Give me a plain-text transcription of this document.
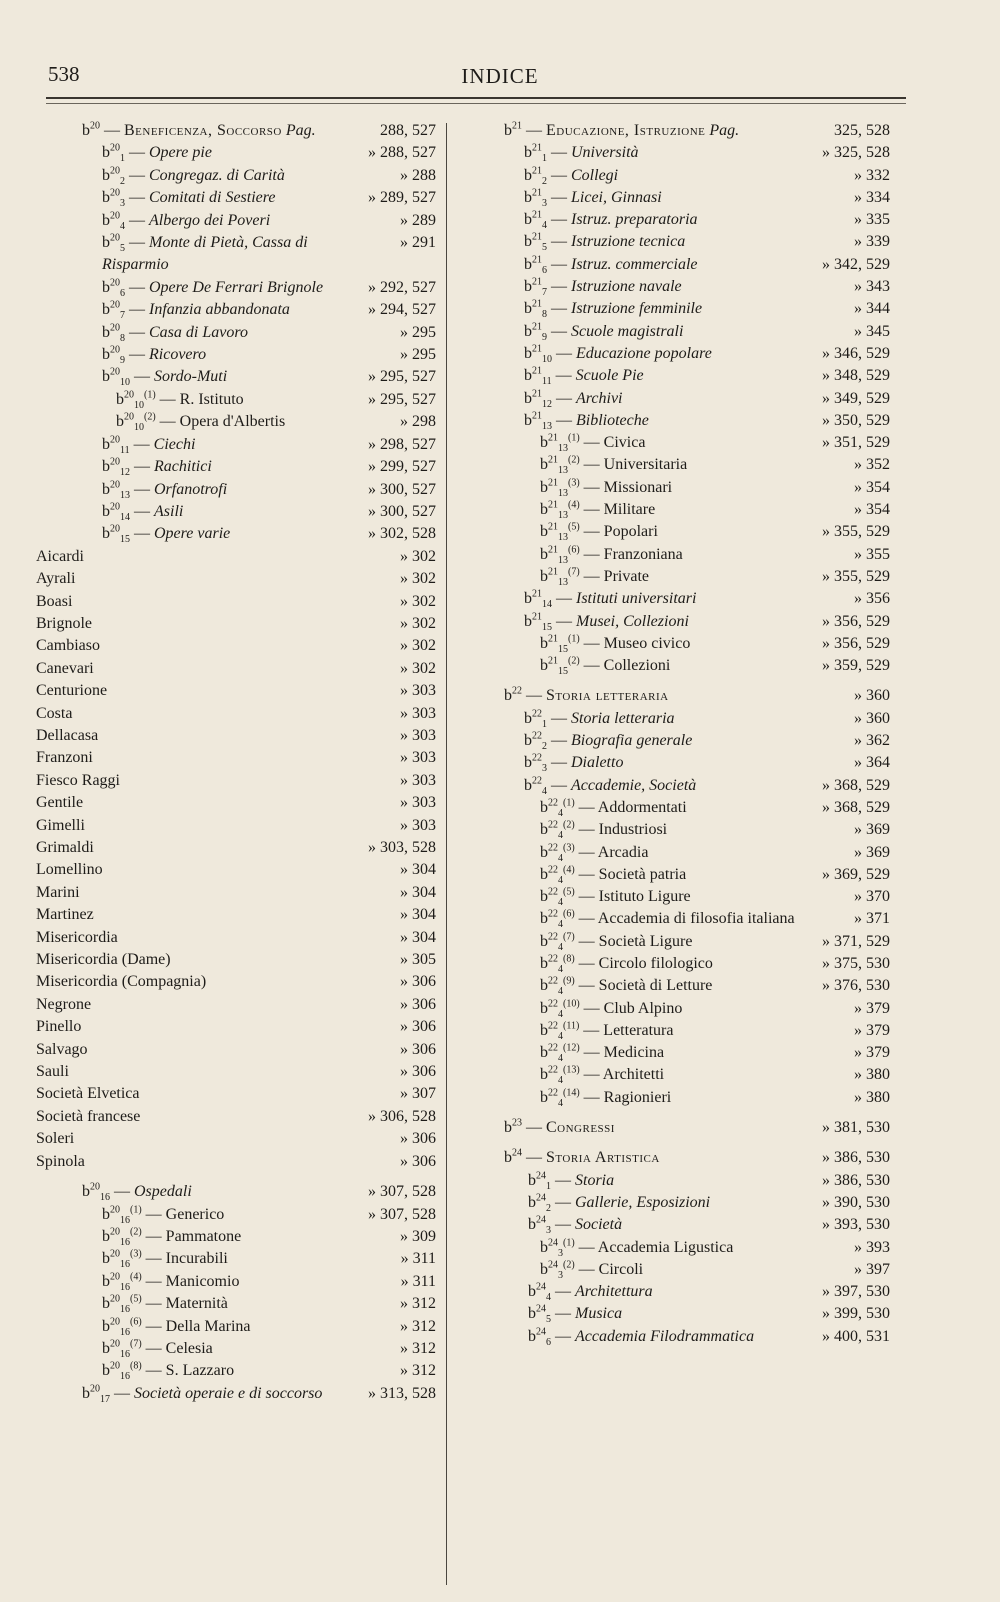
538	INDICE
$b^{20}$ — Beneficenza, Soccorso Pag.	288, 527
$b^{20}_1$ — Opere pie	» 288, 527
$b^{20}_2$ — Congregaz. di Carità	» 288
$b^{20}_3$ — Comitati di Sestiere	» 289, 527
$b^{20}_4$ — Albergo dei Poveri	» 289
$b^{20}_5$ — Monte di Pietà, Cassa di Risparmio
» 291
$b^{20}_6$ — Opere De Ferrari Brignole	» 292, 527
$b^{20}_7$ — Infanzia abbandonata	» 294, 527
$b^{20}_8$ — Casa di Lavoro	» 295
$b^{20}_9$ — Ricovero	» 295
$b^{20}_{10}$ — Sordo-Muti	» 295, 527
$b^{20}_{10}^{(1)}$ — R. Istituto	» 295, 527
$b^{20}_{10}^{(2)}$ — Opera d'Albertis	» 298
$b^{20}_{11}$ — Ciechi	» 298, 527
$b^{20}_{12}$ — Rachitici	» 299, 527
$b^{20}_{13}$ — Orfanotrofi	» 300, 527
$b^{20}_{14}$ — Asili	» 300, 527
$b^{20}_{15}$ — Opere varie	» 302, 528
Aicardi	» 302
Ayrali	» 302
Boasi	» 302
Brignole	» 302
Cambiaso	» 302
Canevari	» 302
Centurione	» 303
Costa	» 303
Dellacasa	» 303
Franzoni	» 303
Fiesco Raggi	» 303
Gentile	» 303
Gimelli	» 303
Grimaldi	» 303, 528
Lomellino	» 304
Marini	» 304
Martinez	» 304
Misericordia	» 304
Misericordia (Dame)	» 305
Misericordia (Compagnia)	» 306
Negrone	» 306
Pinello	» 306
Salvago	» 306
Sauli	» 306
Società Elvetica	» 307
Società francese	» 306, 528
Soleri	» 306
Spinola	» 306
$b^{20}_{16}$ — Ospedali	» 307, 528
$b^{20}_{16}^{(1)}$ — Generico	» 307, 528
$b^{20}_{16}^{(2)}$ — Pammatone	» 309
$b^{20}_{16}^{(3)}$ — Incurabili	» 311
$b^{20}_{16}^{(4)}$ — Manicomio	» 311
$b^{20}_{16}^{(5)}$ — Maternità	» 312
$b^{20}_{16}^{(6)}$ — Della Marina	» 312
$b^{20}_{16}^{(7)}$ — Celesia	» 312
$b^{20}_{16}^{(8)}$ — S. Lazzaro	» 312
$b^{20}_{17}$ — Società operaie e di soccorso	» 313, 528
$b^{21}$ — Educazione, Istruzione Pag.	325, 528
$b^{21}_1$ — Università	» 325, 528
$b^{21}_2$ — Collegi	» 332
$b^{21}_3$ — Licei, Ginnasi	» 334
$b^{21}_4$ — Istruz. preparatoria	» 335
$b^{21}_5$ — Istruzione tecnica	» 339
$b^{21}_6$ — Istruz. commerciale	» 342, 529
$b^{21}_7$ — Istruzione navale	» 343
$b^{21}_8$ — Istruzione femminile	» 344
$b^{21}_9$ — Scuole magistrali	» 345
$b^{21}_{10}$ — Educazione popolare	» 346, 529
$b^{21}_{11}$ — Scuole Pie	» 348, 529
$b^{21}_{12}$ — Archivi	» 349, 529
$b^{21}_{13}$ — Biblioteche	» 350, 529
$b^{21}_{13}^{(1)}$ — Civica	» 351, 529
$b^{21}_{13}^{(2)}$ — Universitaria	» 352
$b^{21}_{13}^{(3)}$ — Missionari	» 354
$b^{21}_{13}^{(4)}$ — Militare	» 354
$b^{21}_{13}^{(5)}$ — Popolari	» 355, 529
$b^{21}_{13}^{(6)}$ — Franzoniana	» 355
$b^{21}_{13}^{(7)}$ — Private	» 355, 529
$b^{21}_{14}$ — Istituti universitari	» 356
$b^{21}_{15}$ — Musei, Collezioni	» 356, 529
$b^{21}_{15}^{(1)}$ — Museo civico	» 356, 529
$b^{21}_{15}^{(2)}$ — Collezioni	» 359, 529
$b^{22}$ — Storia letteraria	» 360
$b^{22}_1$ — Storia letteraria	» 360
$b^{22}_2$ — Biografia generale	» 362
$b^{22}_3$ — Dialetto	» 364
$b^{22}_4$ — Accademie, Società	» 368, 529
$b^{22}_4^{(1)}$ — Addormentati	» 368, 529
$b^{22}_4^{(2)}$ — Industriosi	» 369
$b^{22}_4^{(3)}$ — Arcadia	» 369
$b^{22}_4^{(4)}$ — Società patria	» 369, 529
$b^{22}_4^{(5)}$ — Istituto Ligure	» 370
$b^{22}_4^{(6)}$ — Accademia di filosofia italiana	» 371
$b^{22}_4^{(7)}$ — Società Ligure	» 371, 529
$b^{22}_4^{(8)}$ — Circolo filologico	» 375, 530
$b^{22}_4^{(9)}$ — Società di Letture	» 376, 530
$b^{22}_4^{(10)}$ — Club Alpino	» 379
$b^{22}_4^{(11)}$ — Letteratura	» 379
$b^{22}_4^{(12)}$ — Medicina	» 379
$b^{22}_4^{(13)}$ — Architetti	» 380
$b^{22}_4^{(14)}$ — Ragionieri	» 380
$b^{23}$ — Congressi	» 381, 530
$b^{24}$ — Storia Artistica	» 386, 530
$b^{24}_1$ — Storia	» 386, 530
$b^{24}_2$ — Gallerie, Esposizioni	» 390, 530
$b^{24}_3$ — Società	» 393, 530
$b^{24}_3^{(1)}$ — Accademia Ligustica	» 393
$b^{24}_3^{(2)}$ — Circoli	» 397
$b^{24}_4$ — Architettura	» 397, 530
$b^{24}_5$ — Musica	» 399, 530
$b^{24}_6$ — Accademia Filodrammatica	» 400, 531
